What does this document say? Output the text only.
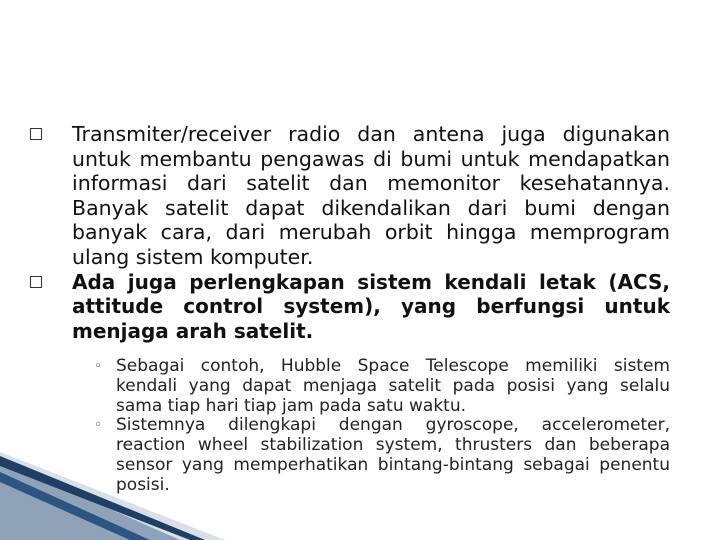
Transmiter/receiver radio dan antena juga digunakan untuk membantu pengawas di bumi untuk mendapatkan informasi dari satelit dan memonitor kesehatannya. Banyak satelit dapat dikendalikan dari bumi dengan banyak cara, dari merubah orbit hingga memprogram ulang sistem komputer.
Ada juga perlengkapan sistem kendali letak (ACS, attitude control system), yang berfungsi untuk menjaga arah satelit.
◦ Sebagai contoh, Hubble Space Telescope memiliki sistem kendali yang dapat menjaga satelit pada posisi yang selalu sama tiap hari tiap jam pada satu waktu.
◦ Sistemnya dilengkapi dengan gyroscope, accelerometer, reaction wheel stabilization system, thrusters dan beberapa sensor yang memperhatikan bintang-bintang sebagai penentu posisi.
